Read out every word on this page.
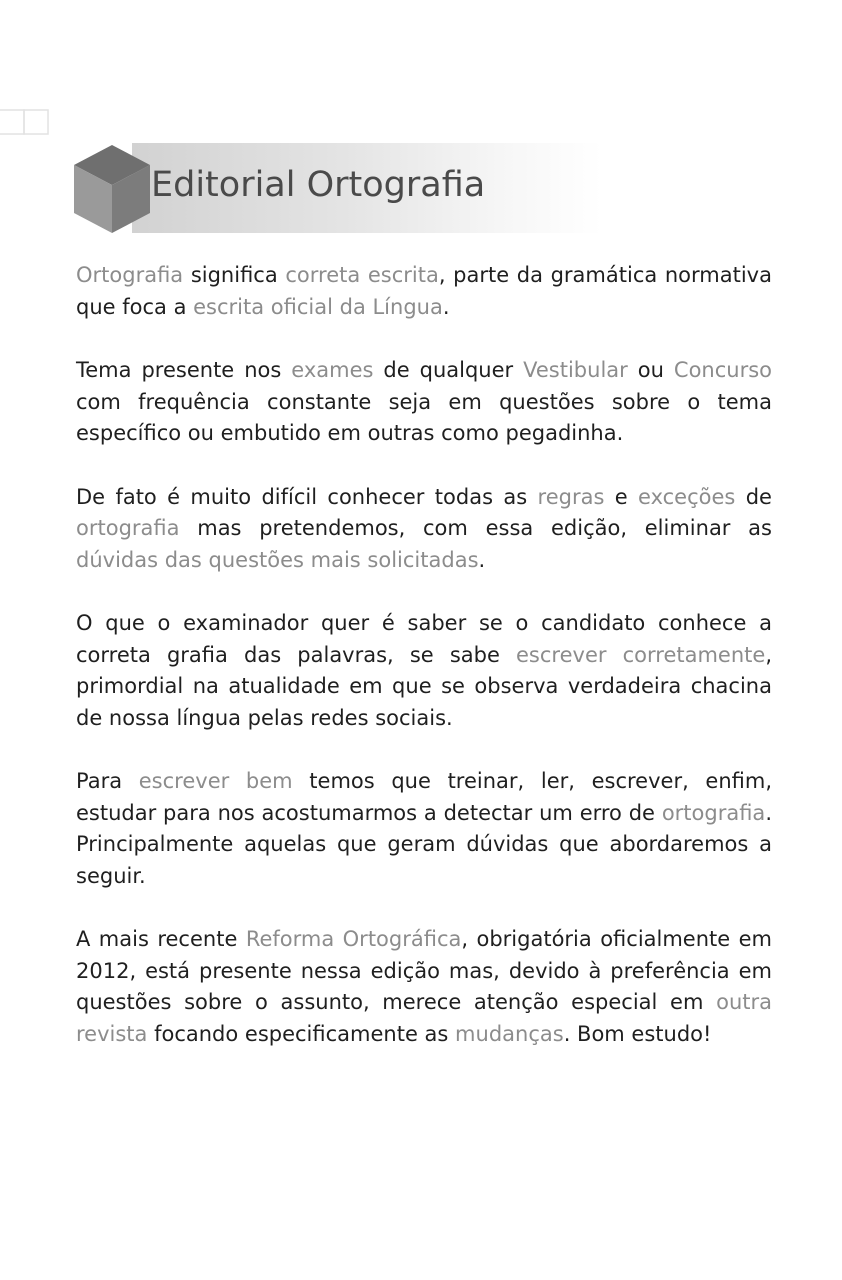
Editorial Ortografia

Ortografia significa correta escrita, parte da gramática normativa que foca a escrita oficial da Língua.

Tema presente nos exames de qualquer Vestibular ou Concurso com frequência constante seja em questões sobre o tema específico ou embutido em outras como pegadinha.

De fato é muito difícil conhecer todas as regras e exceções de ortografia mas pretendemos, com essa edição, eliminar as dúvidas das questões mais solicitadas.

O que o examinador quer é saber se o candidato conhece a correta grafia das palavras, se sabe escrever corretamente, primordial na atualidade em que se observa verdadeira chacina de nossa língua pelas redes sociais.

Para escrever bem temos que treinar, ler, escrever, enfim, estudar para nos acostumarmos a detectar um erro de ortografia. Principalmente aquelas que geram dúvidas que abordaremos a seguir.

A mais recente Reforma Ortográfica, obrigatória oficialmente em 2012, está presente nessa edição mas, devido à preferência em questões sobre o assunto, merece atenção especial em outra revista focando especificamente as mudanças. Bom estudo!
